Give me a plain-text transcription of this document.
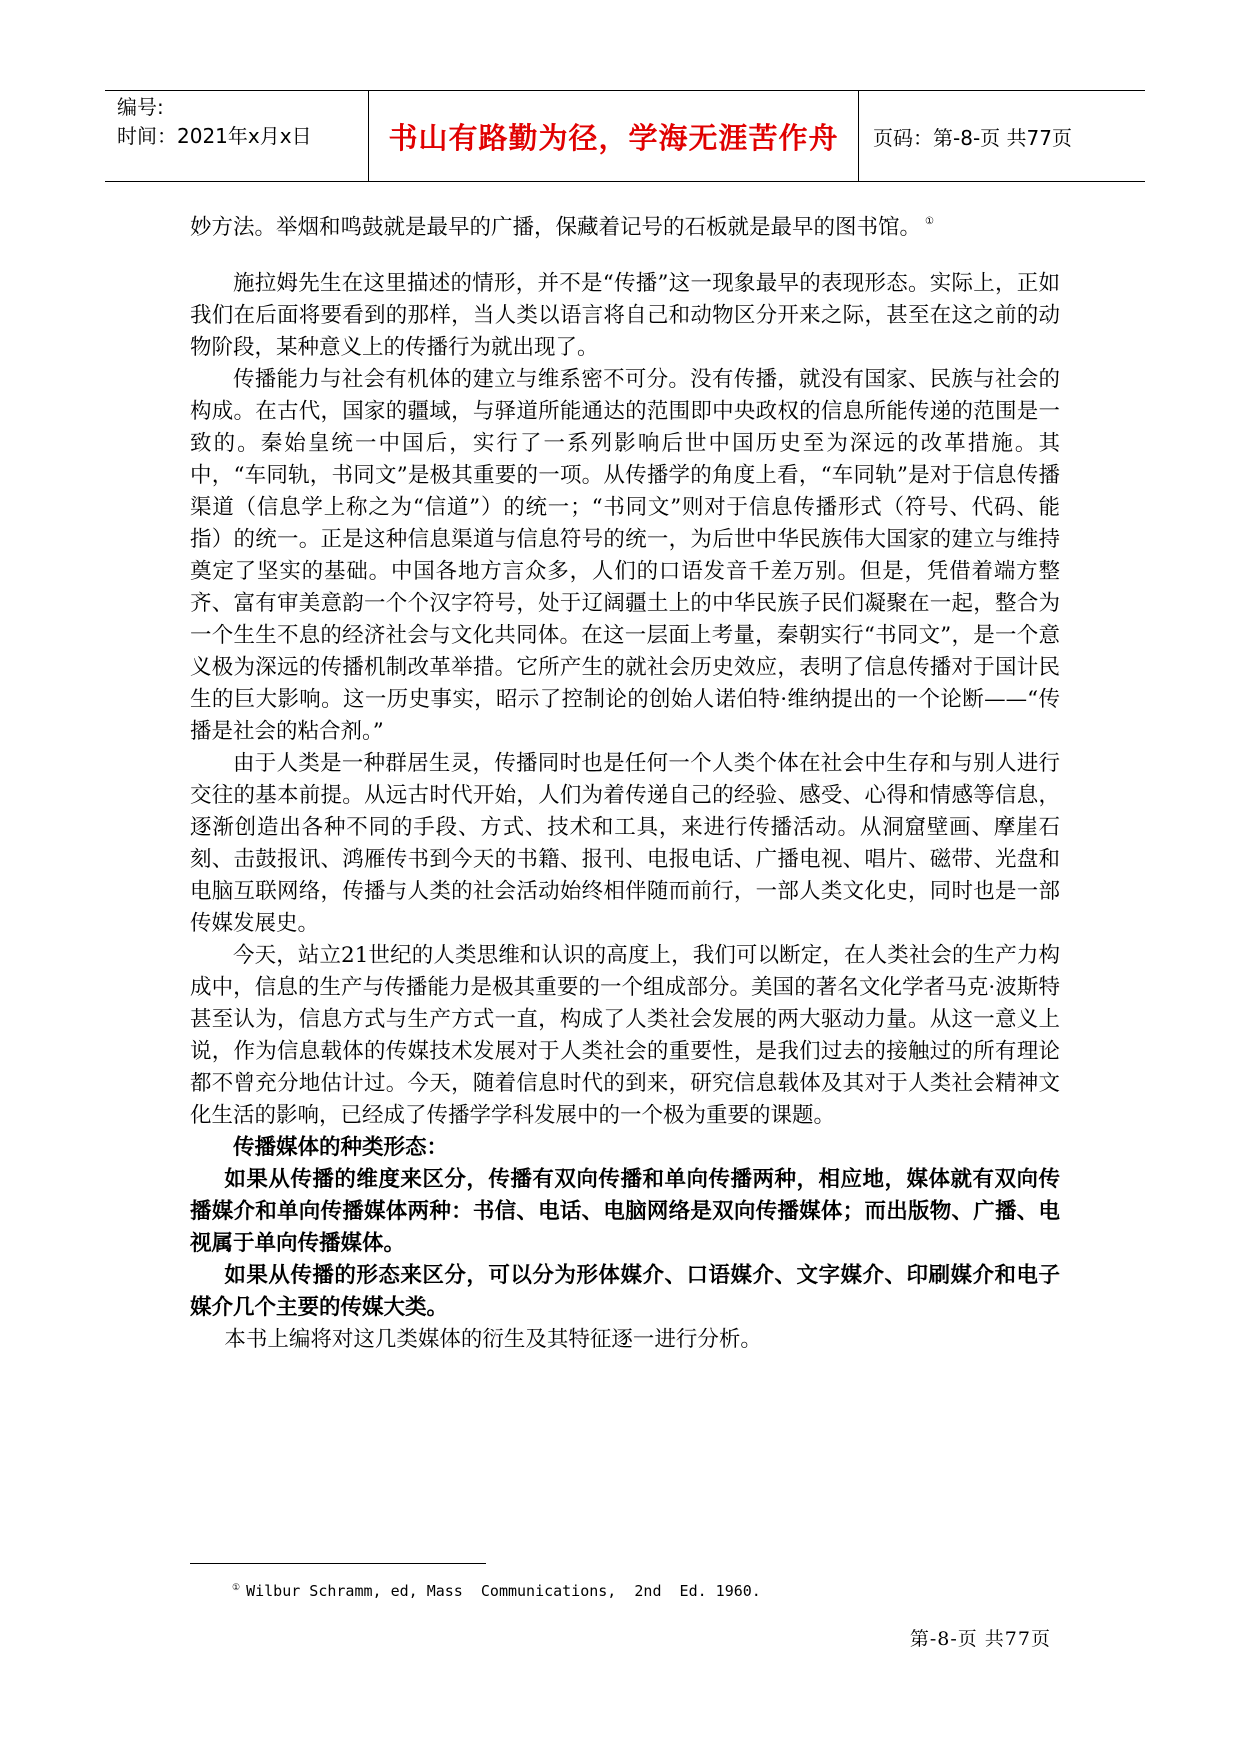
编号:
时间：2021年x月x日	书山有路勤为径，学海无涯苦作舟	页码：第-8-页 共77页

妙方法。举烟和鸣鼓就是最早的广播，保藏着记号的石板就是最早的图书馆。 ①

施拉姆先生在这里描述的情形，并不是“传播”这一现象最早的表现形态。实际上，正如我们在后面将要看到的那样，当人类以语言将自己和动物区分开来之际，甚至在这之前的动物阶段，某种意义上的传播行为就出现了。

传播能力与社会有机体的建立与维系密不可分。没有传播，就没有国家、民族与社会的构成。在古代，国家的疆域，与驿道所能通达的范围即中央政权的信息所能传递的范围是一致的。秦始皇统一中国后，实行了一系列影响后世中国历史至为深远的改革措施。其中，“车同轨，书同文”是极其重要的一项。从传播学的角度上看，“车同轨”是对于信息传播渠道（信息学上称之为“信道”）的统一；“书同文”则对于信息传播形式（符号、代码、能指）的统一。正是这种信息渠道与信息符号的统一，为后世中华民族伟大国家的建立与维持奠定了坚实的基础。中国各地方言众多，人们的口语发音千差万别。但是，凭借着端方整齐、富有审美意韵一个个汉字符号，处于辽阔疆土上的中华民族子民们凝聚在一起，整合为一个生生不息的经济社会与文化共同体。在这一层面上考量，秦朝实行“书同文”，是一个意义极为深远的传播机制改革举措。它所产生的就社会历史效应，表明了信息传播对于国计民生的巨大影响。这一历史事实，昭示了控制论的创始人诺伯特·维纳提出的一个论断——“传播是社会的粘合剂。”

由于人类是一种群居生灵，传播同时也是任何一个人类个体在社会中生存和与别人进行交往的基本前提。从远古时代开始，人们为着传递自己的经验、感受、心得和情感等信息，逐渐创造出各种不同的手段、方式、技术和工具，来进行传播活动。从洞窟壁画、摩崖石刻、击鼓报讯、鸿雁传书到今天的书籍、报刊、电报电话、广播电视、唱片、磁带、光盘和电脑互联网络，传播与人类的社会活动始终相伴随而前行，一部人类文化史，同时也是一部传媒发展史。

今天，站立21世纪的人类思维和认识的高度上，我们可以断定，在人类社会的生产力构成中，信息的生产与传播能力是极其重要的一个组成部分。美国的著名文化学者马克·波斯特甚至认为，信息方式与生产方式一直，构成了人类社会发展的两大驱动力量。从这一意义上说，作为信息载体的传媒技术发展对于人类社会的重要性，是我们过去的接触过的所有理论都不曾充分地估计过。今天，随着信息时代的到来，研究信息载体及其对于人类社会精神文化生活的影响，已经成了传播学学科发展中的一个极为重要的课题。

传播媒体的种类形态：

如果从传播的维度来区分，传播有双向传播和单向传播两种，相应地，媒体就有双向传播媒介和单向传播媒体两种：书信、电话、电脑网络是双向传播媒体；而出版物、广播、电视属于单向传播媒体。

如果从传播的形态来区分，可以分为形体媒介、口语媒介、文字媒介、印刷媒介和电子媒介几个主要的传媒大类。

本书上编将对这几类媒体的衍生及其特征逐一进行分析。

① Wilbur Schramm, ed, Mass  Communications,  2nd  Ed. 1960.
第-8-页 共77页
